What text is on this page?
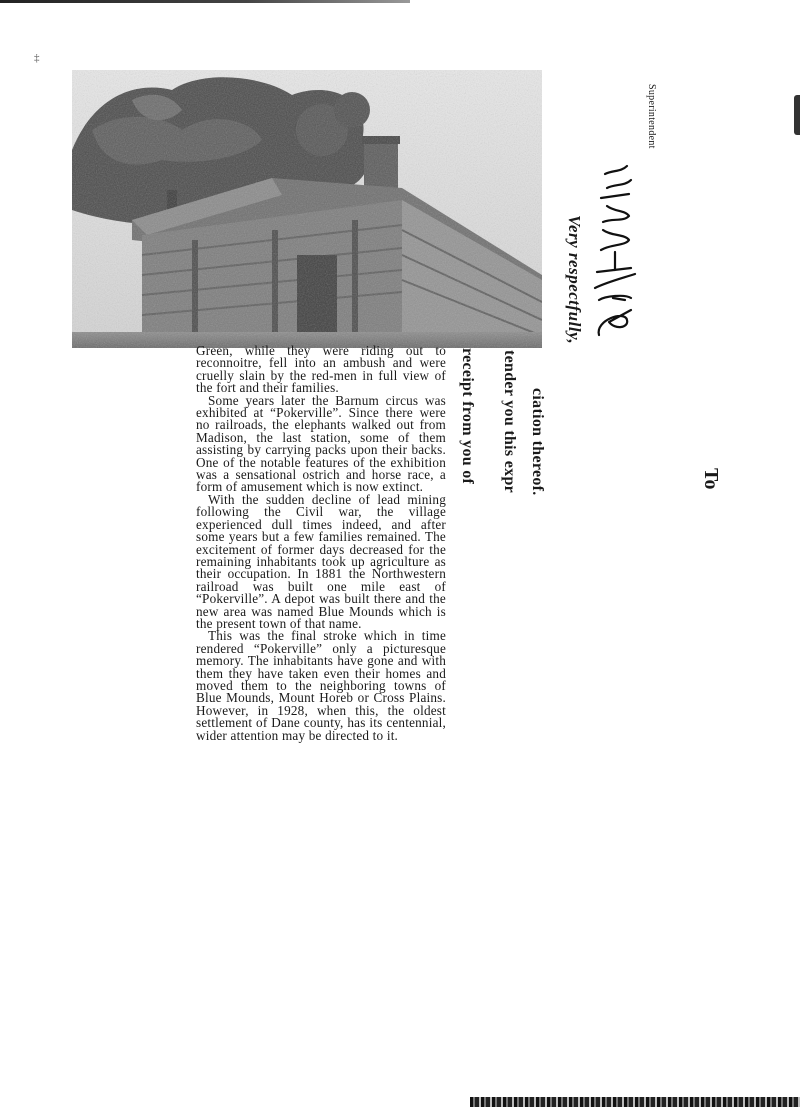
‡

Green, while they were riding out to reconnoitre, fell into an ambush and were cruelly slain by the red-men in full view of the fort and their families.

Some years later the Barnum circus was exhibited at “Pokerville”. Since there were no railroads, the elephants walked out from Madison, the last station, some of them assisting by carrying packs upon their backs. One of the notable features of the exhibition was a sensational ostrich and horse race, a form of amusement which is now extinct.

With the sudden decline of lead mining following the Civil war, the village experienced dull times indeed, and after some years but a few families remained. The excitement of former days decreased for the remaining inhabitants took up agriculture as their occupation. In 1881 the Northwestern railroad was built one mile east of “Pokerville”. A depot was built there and the new area was named Blue Mounds which is the present town of that name.

This was the final stroke which in time rendered “Pokerville” only a picturesque memory. The inhabitants have gone and with them they have taken even their homes and moved them to the neighboring towns of Blue Mounds, Mount Horeb or Cross Plains. However, in 1928, when this, the oldest settlement of Dane county, has its centennial, wider attention may be directed to it.

receipt from you of tender you this expr ciation thereof.
Very respectfully,
Superintendent
To
